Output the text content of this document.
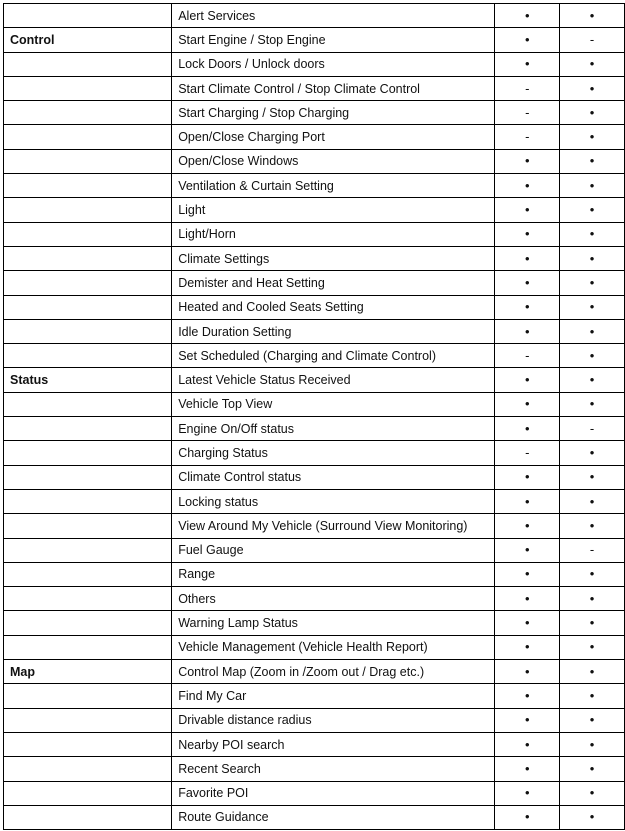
	Alert Services	•	•
Control	Start Engine / Stop Engine	•	-
	Lock Doors / Unlock doors	•	•
	Start Climate Control / Stop Climate Control	-	•
	Start Charging / Stop Charging	-	•
	Open/Close Charging Port	-	•
	Open/Close Windows	•	•
	Ventilation & Curtain Setting	•	•
	Light	•	•
	Light/Horn	•	•
	Climate Settings	•	•
	Demister and Heat Setting	•	•
	Heated and Cooled Seats Setting	•	•
	Idle Duration Setting	•	•
	Set Scheduled (Charging and Climate Control)	-	•
Status	Latest Vehicle Status Received	•	•
	Vehicle Top View	•	•
	Engine On/Off status	•	-
	Charging Status	-	•
	Climate Control status	•	•
	Locking status	•	•
	View Around My Vehicle (Surround View Monitoring)	•	•
	Fuel Gauge	•	-
	Range	•	•
	Others	•	•
	Warning Lamp Status	•	•
	Vehicle Management (Vehicle Health Report)	•	•
Map	Control Map (Zoom in /Zoom out / Drag etc.)	•	•
	Find My Car	•	•
	Drivable distance radius	•	•
	Nearby POI search	•	•
	Recent Search	•	•
	Favorite POI	•	•
	Route Guidance	•	•
